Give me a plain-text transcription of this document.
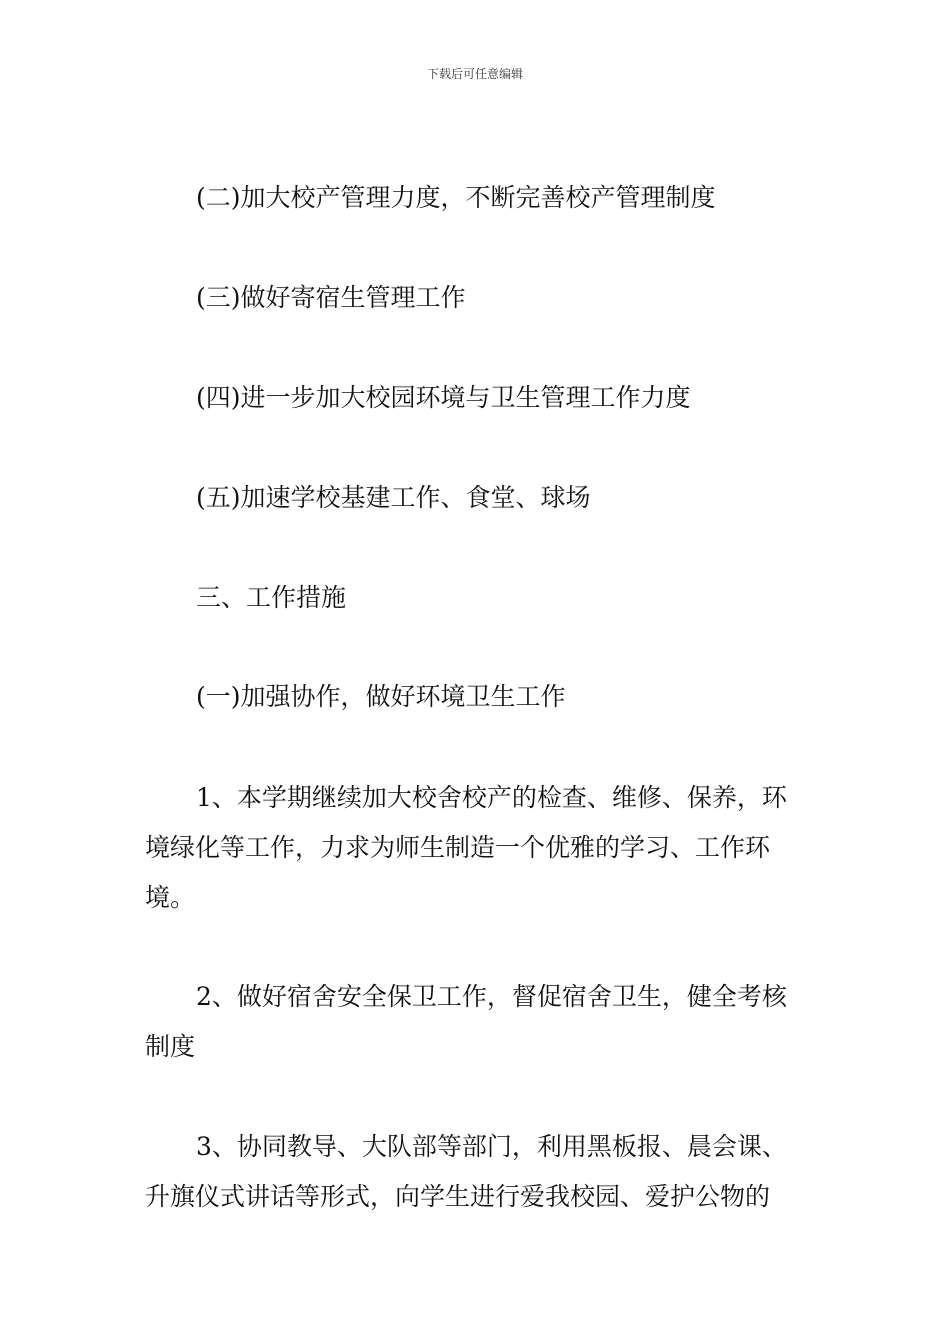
下载后可任意编辑
(二)加大校产管理力度，不断完善校产管理制度
(三)做好寄宿生管理工作
(四)进一步加大校园环境与卫生管理工作力度
(五)加速学校基建工作、食堂、球场
三、工作措施
(一)加强协作，做好环境卫生工作
1、本学期继续加大校舍校产的检查、维修、保养，环
境绿化等工作，力求为师生制造一个优雅的学习、工作环
境。
2、做好宿舍安全保卫工作，督促宿舍卫生，健全考核
制度
3、协同教导、大队部等部门，利用黑板报、晨会课、
升旗仪式讲话等形式，向学生进行爱我校园、爱护公物的
